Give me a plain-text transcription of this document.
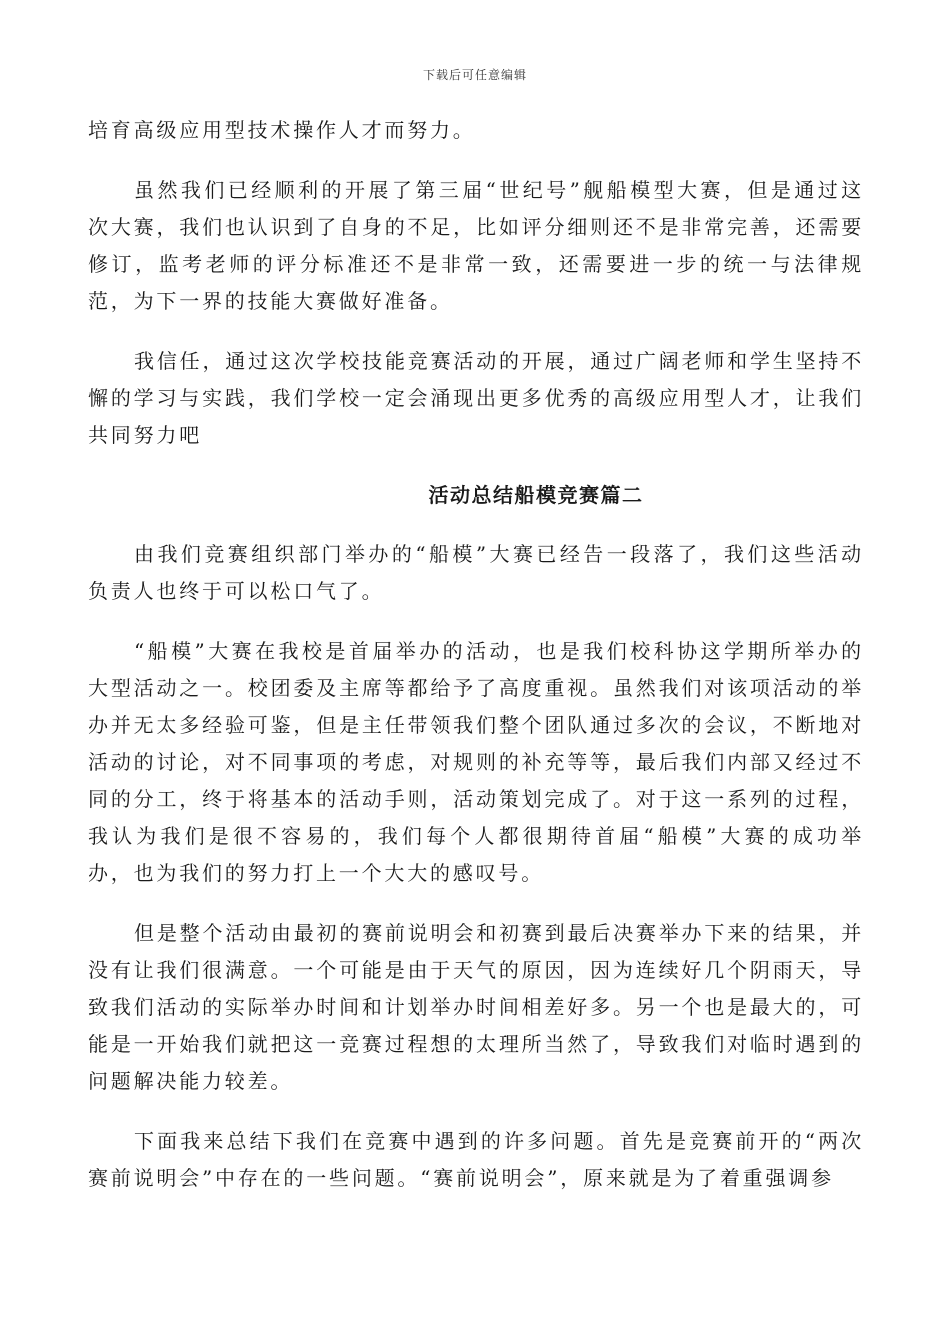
下载后可任意编辑

培育高级应用型技术操作人才而努力。

虽然我们已经顺利的开展了第三届“世纪号”舰船模型大赛，但是通过这次大赛，我们也认识到了自身的不足，比如评分细则还不是非常完善，还需要修订，监考老师的评分标准还不是非常一致，还需要进一步的统一与法律规范，为下一界的技能大赛做好准备。

我信任，通过这次学校技能竞赛活动的开展，通过广阔老师和学生坚持不懈的学习与实践，我们学校一定会涌现出更多优秀的高级应用型人才，让我们共同努力吧

活动总结船模竞赛篇二

由我们竞赛组织部门举办的“船模”大赛已经告一段落了，我们这些活动负责人也终于可以松口气了。

“船模”大赛在我校是首届举办的活动，也是我们校科协这学期所举办的大型活动之一。校团委及主席等都给予了高度重视。虽然我们对该项活动的举办并无太多经验可鉴，但是主任带领我们整个团队通过多次的会议，不断地对活动的讨论，对不同事项的考虑，对规则的补充等等，最后我们内部又经过不同的分工，终于将基本的活动手则，活动策划完成了。对于这一系列的过程，我认为我们是很不容易的，我们每个人都很期待首届“船模”大赛的成功举办，也为我们的努力打上一个大大的感叹号。

但是整个活动由最初的赛前说明会和初赛到最后决赛举办下来的结果，并没有让我们很满意。一个可能是由于天气的原因，因为连续好几个阴雨天，导致我们活动的实际举办时间和计划举办时间相差好多。另一个也是最大的，可能是一开始我们就把这一竞赛过程想的太理所当然了，导致我们对临时遇到的问题解决能力较差。

下面我来总结下我们在竞赛中遇到的许多问题。首先是竞赛前开的“两次赛前说明会”中存在的一些问题。“赛前说明会”，原来就是为了着重强调参
